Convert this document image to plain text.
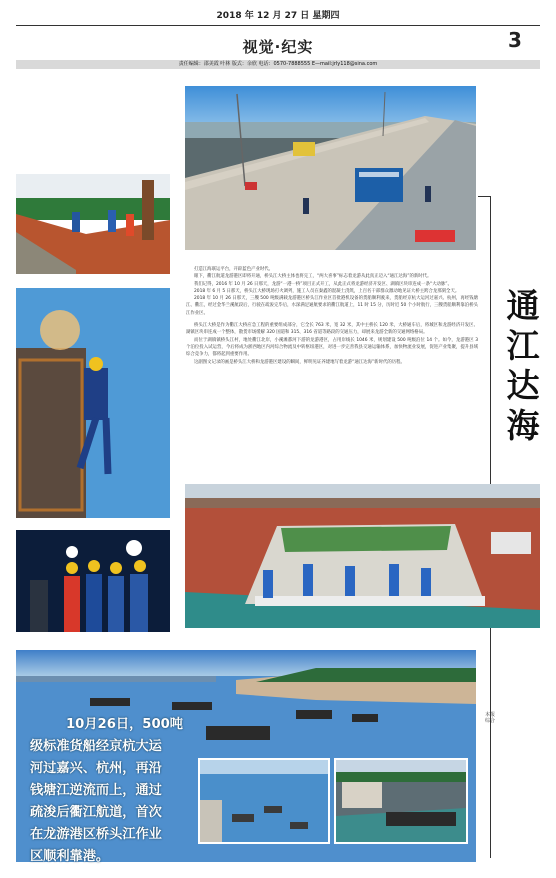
2018 年 12 月 27 日 星期四
视觉·纪实	3
责任编辑：邵美霞 叶林 版式：余欣 电话：0570-7888555 E—mail:jrly118@sina.com

打造江海联运平台，开辟蓝色产业时代。

眼下，衢江航道龙游港区即将开通，桥头江大桥主体也将完工，“两大喜事”标志着龙游从此真正迈入“通江达海”的新时代。

我们记得，2016 年 10 月 26 日那天，龙游“一港一桥”项目正式开工，从此正式将龙游经济开发区、湖镇区块串连成一条“大动脉”。

2018 年 6 月 5 日那天，桥头江大桥现场打火调列，施工人员在秦鑫的混凝土浇筑，上百名干部群众激动地见证大桥主跨合龙那刻全天。

2018 年 10 月 26 日那天，三艘 500 吨级满载龙游港区桥头江作业区首批港机设备的货船顺利驶来，货船经京杭大运河过嘉兴、杭州，再经钱塘江、衢江，经过金华兰溪航段后，行驶在疏浚完毕后，水深满足通航要求的衢江航道上，11 时 15 分，历时近 50 个小时航行，三艘货船顺利靠泊桥头江作业区。

桥头江大桥是作为衢江大桥应急工程的重要组成部分，它全长 763 米，宽 32 米，其中主桥长 120 米，大桥通车后，将城区和龙游经济开发区、湖镇区块串连成一个整体，散货市场缓解 320 国道和 315、316 省道等路段的交通压力，却展来龙游全新的交通网络格局。

而位于湖镇镇桥头江村，地处衢江北岸，小溪滩都河下游的龙游港区，占用岸线长 1046 米，规划建设 500 吨级泊位 14 个。如今，龙游港区 3 个泊位投入试运营，今后将成为浙西地区内河综合物流及中转枢纽港区，对进一步完善我县交通运输体系，加快物流业发展，促进产业集聚，提升县域综合竞争力，都将起到重要作用。

这副图文记录的画是桥头江大桥和龙游港区建设的瞬间，鲜明见证养建地写着龙游“通江达海”新时代的历程。

通
江
达
海
本报综合

10月26日，500吨

级标准货船经京杭大运

河过嘉兴、杭州，再沿

钱塘江逆流而上，通过

疏浚后衢江航道，首次

在龙游港区桥头江作业

区顺利靠港。
